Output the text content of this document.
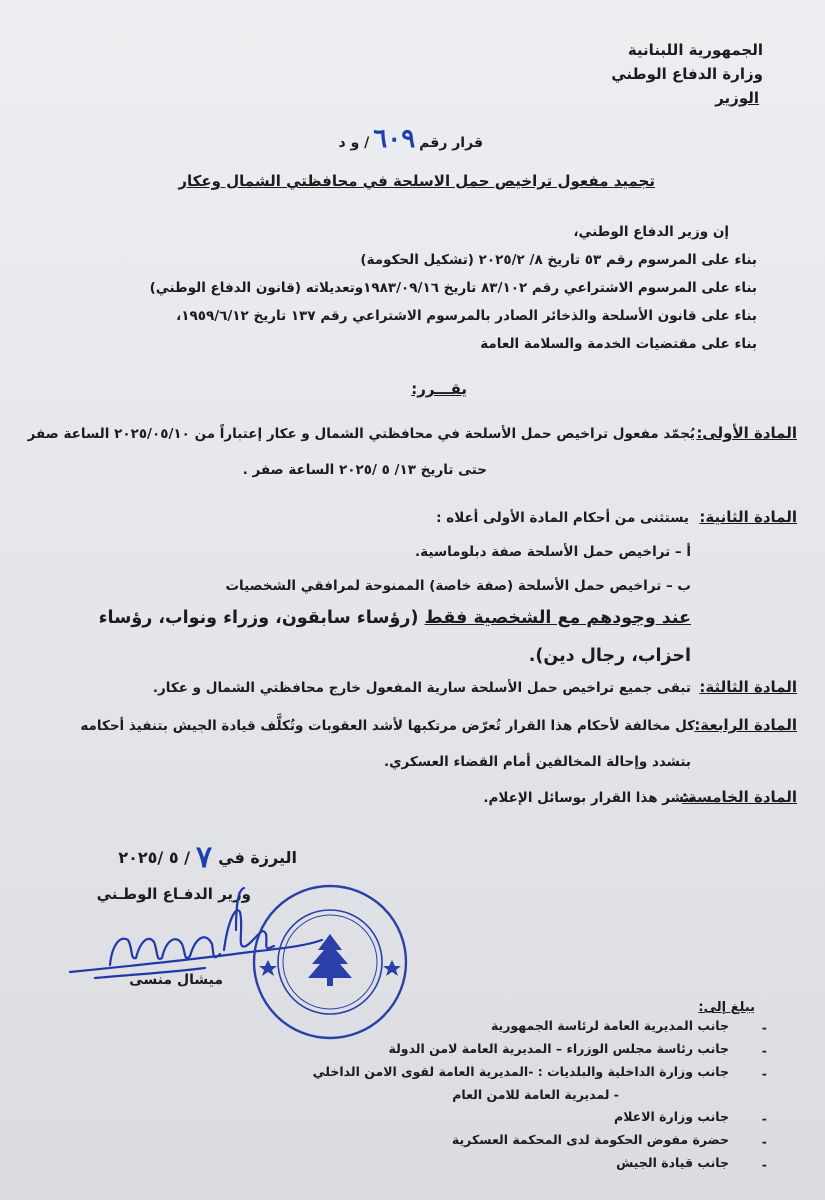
الجمهورية اللبنانية
وزارة الدفاع الوطني
الوزير
قرار رقم٦٠٩/ و د
تجميد مفعول تراخيص حمل الاسلحة في محافظتي الشمال وعكار
إن وزير الدفاع الوطني،
بناء على المرسوم رقم ٥٣ تاريخ ٨/ ٢٠٢٥/٢ (تشكيل الحكومة)
بناء على المرسوم الاشتراعي رقم ٨٣/١٠٢ تاريخ ١٩٨٣/٠٩/١٦وتعديلاته (قانون الدفاع الوطني)
بناء على قانون الأسلحة والذخائر الصادر بالمرسوم الاشتراعي رقم ١٣٧ تاريخ ١٩٥٩/٦/١٢،
بناء على مقتضيات الخدمة والسلامة العامة
يقـــرر:
المادة الأولى:
يُجمّد مفعول تراخيص حمل الأسلحة في محافظتي الشمال و عكار إعتباراً من ٢٠٢٥/٠٥/١٠ الساعة صفر
حتى تاريخ ١٣/ ٥ /٢٠٢٥ الساعة صفر .
المادة الثانية:
يستثنى من أحكام المادة الأولى أعلاه :
أ – تراخيص حمل الأسلحة صفة دبلوماسية.
ب – تراخيص حمل الأسلحة (صفة خاصة) الممنوحة لمرافقي الشخصيات
عند وجودهم مع الشخصية فقط (رؤساء سابقون، وزراء ونواب، رؤساء
احزاب، رجال دين).
المادة الثالثة:
تبقى جميع تراخيص حمل الأسلحة سارية المفعول خارج محافظتي الشمال و عكار.
المادة الرابعة:
كل مخالفة لأحكام هذا القرار تُعرّض مرتكبها لأشد العقوبات وتُكلَّف قيادة الجيش بتنفيذ أحكامه
بتشدد وإحالة المخالفين أمام القضاء العسكري.
المادة الخامسة:
ينشر هذا القرار بوسائل الإعلام.
اليرزة في٧/ ٥ /٢٠٢٥
وزير الدفـاع الوطـني
ميشال منسى
يبلغ إلى:
-
جانب المديرية العامة لرئاسة الجمهورية
-
جانب رئاسة مجلس الوزراء – المديرية العامة لامن الدولة
-
جانب وزارة الداخلية والبلديات : -المديرية العامة لقوى الامن الداخلي
- لمديرية العامة للامن العام
-
جانب وزارة الاعلام
-
حضرة مفوض الحكومة لدى المحكمة العسكرية
-
جانب قيادة الجيش
